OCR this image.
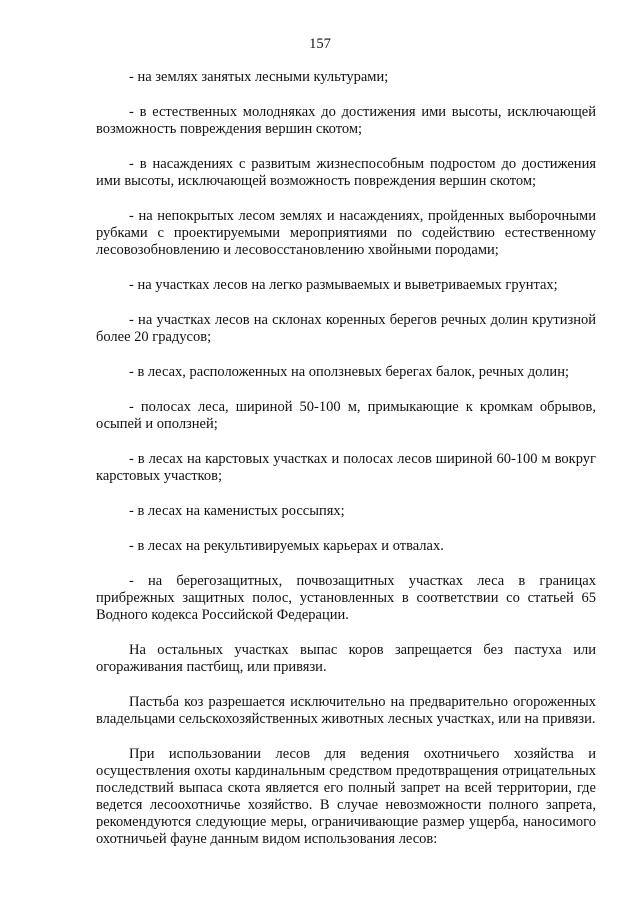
157

- на землях занятых лесными культурами;

- в естественных молодняках до достижения ими высоты, исключающей возможность повреждения вершин скотом;

- в насаждениях с развитым жизнеспособным подростом до достижения ими высоты, исключающей возможность повреждения вершин скотом;

- на непокрытых лесом землях и насаждениях, пройденных выборочными рубками с проектируемыми мероприятиями по содействию естественному лесовозобновлению и лесовосстановлению хвойными породами;

- на участках лесов на легко размываемых и выветриваемых грунтах;

- на участках лесов на склонах коренных берегов речных долин крутизной более 20 градусов;

- в лесах, расположенных на оползневых берегах балок, речных долин;

- полосах леса, шириной 50-100 м, примыкающие к кромкам обрывов, осыпей и оползней;

- в лесах на карстовых участках и полосах лесов шириной 60-100 м вокруг карстовых участков;

- в лесах на каменистых россыпях;

- в лесах на рекультивируемых карьерах и отвалах.

- на берегозащитных, почвозащитных участках леса в границах прибрежных защитных полос, установленных в соответствии со статьей 65 Водного кодекса Российской Федерации.

На остальных участках выпас коров запрещается без пастуха или огораживания пастбищ, или привязи.

Пастьба коз разрешается исключительно на предварительно огороженных владельцами сельскохозяйственных животных лесных участках, или на привязи.

При использовании лесов для ведения охотничьего хозяйства и осуществления охоты кардинальным средством предотвращения отрицательных последствий выпаса скота является его полный запрет на всей территории, где ведется лесоохотничье хозяйство. В случае невозможности полного запрета, рекомендуются следующие меры, ограничивающие размер ущерба, наносимого охотничьей фауне данным видом использования лесов:
